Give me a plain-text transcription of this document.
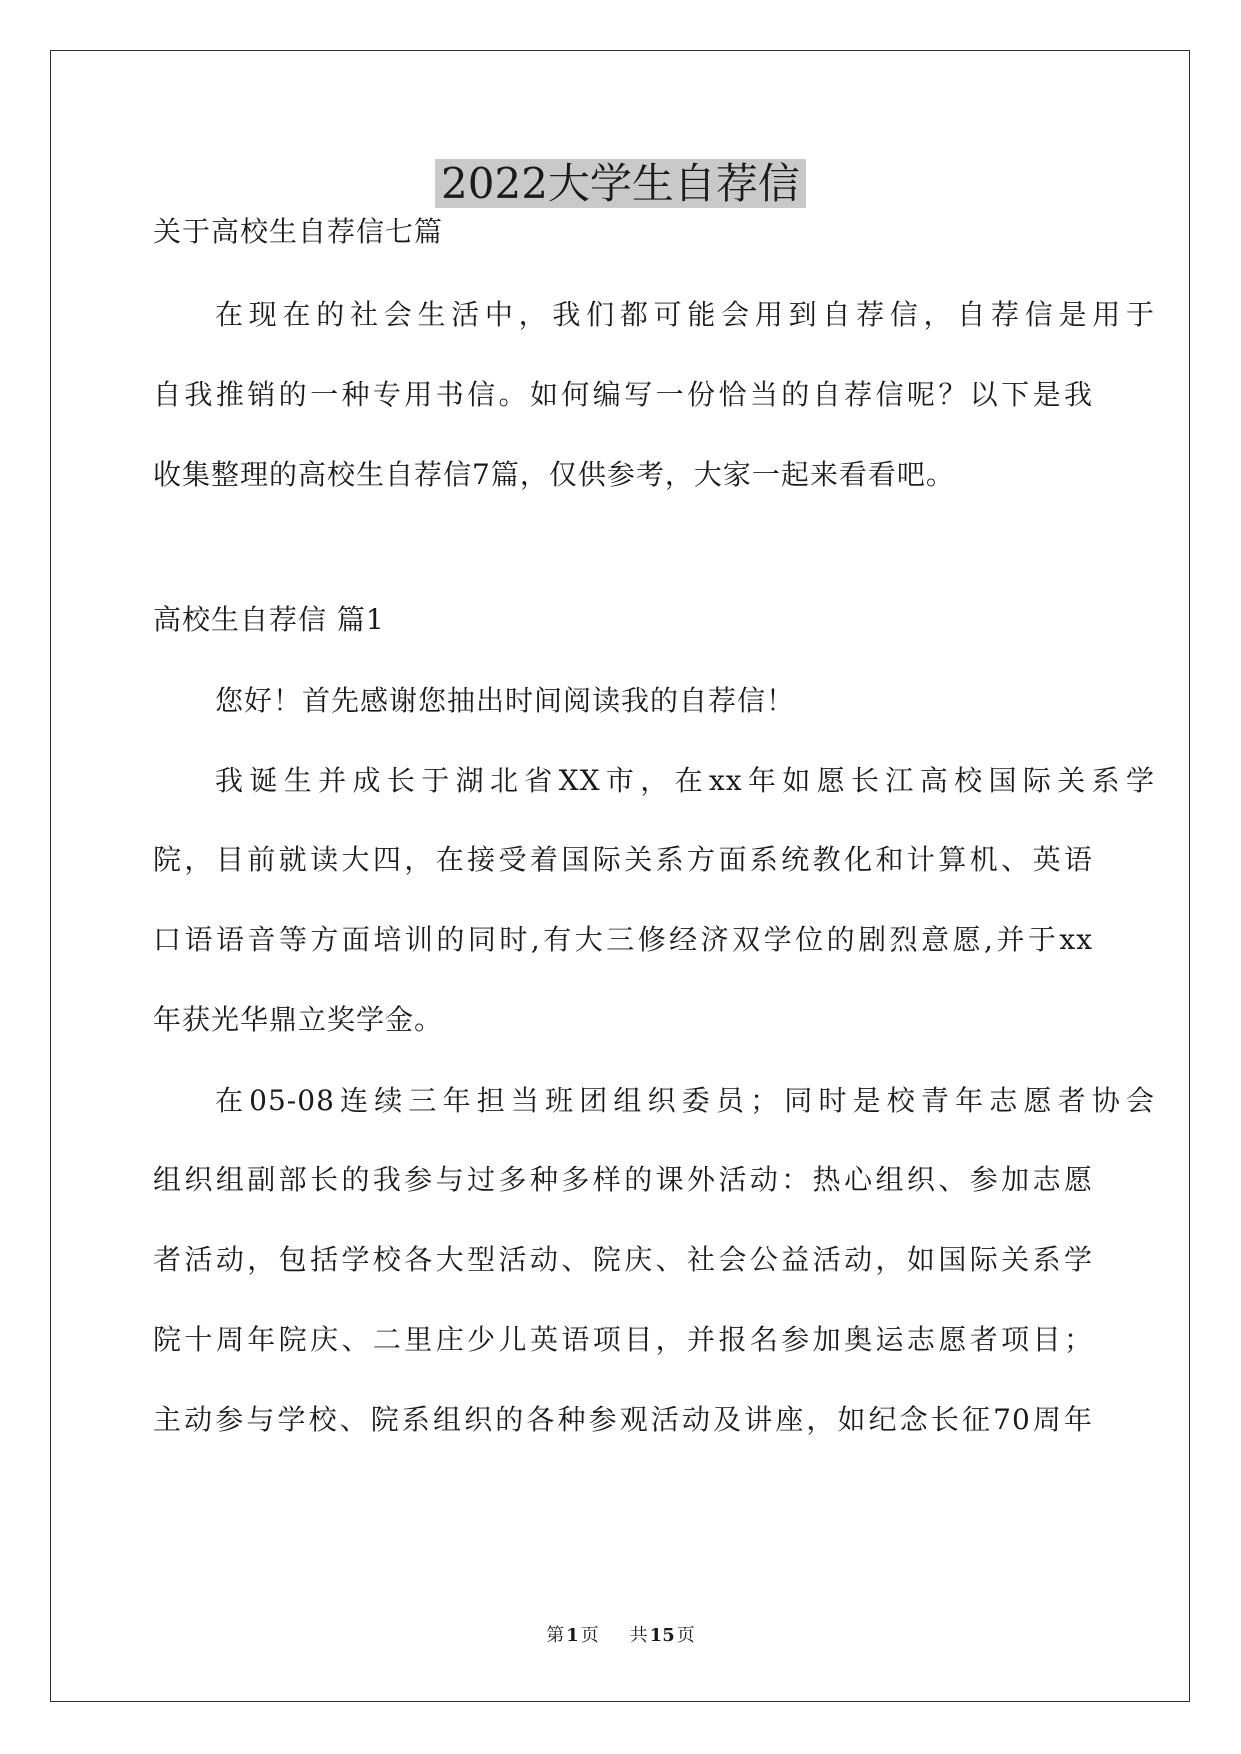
2022大学生自荐信
关于高校生自荐信七篇
在现在的社会生活中，我们都可能会用到自荐信，自荐信是用于
自我推销的一种专用书信。如何编写一份恰当的自荐信呢？以下是我
收集整理的高校生自荐信7篇，仅供参考，大家一起来看看吧。
高校生自荐信 篇1
您好！首先感谢您抽出时间阅读我的自荐信！
我诞生并成长于湖北省XX市，在xx年如愿长江高校国际关系学
院，目前就读大四，在接受着国际关系方面系统教化和计算机、英语
口语语音等方面培训的同时,有大三修经济双学位的剧烈意愿,并于xx
年获光华鼎立奖学金。
在05-08连续三年担当班团组织委员；同时是校青年志愿者协会
组织组副部长的我参与过多种多样的课外活动：热心组织、参加志愿
者活动，包括学校各大型活动、院庆、社会公益活动，如国际关系学
院十周年院庆、二里庄少儿英语项目，并报名参加奥运志愿者项目；
主动参与学校、院系组织的各种参观活动及讲座，如纪念长征70周年
第 1 页 共 15 页
